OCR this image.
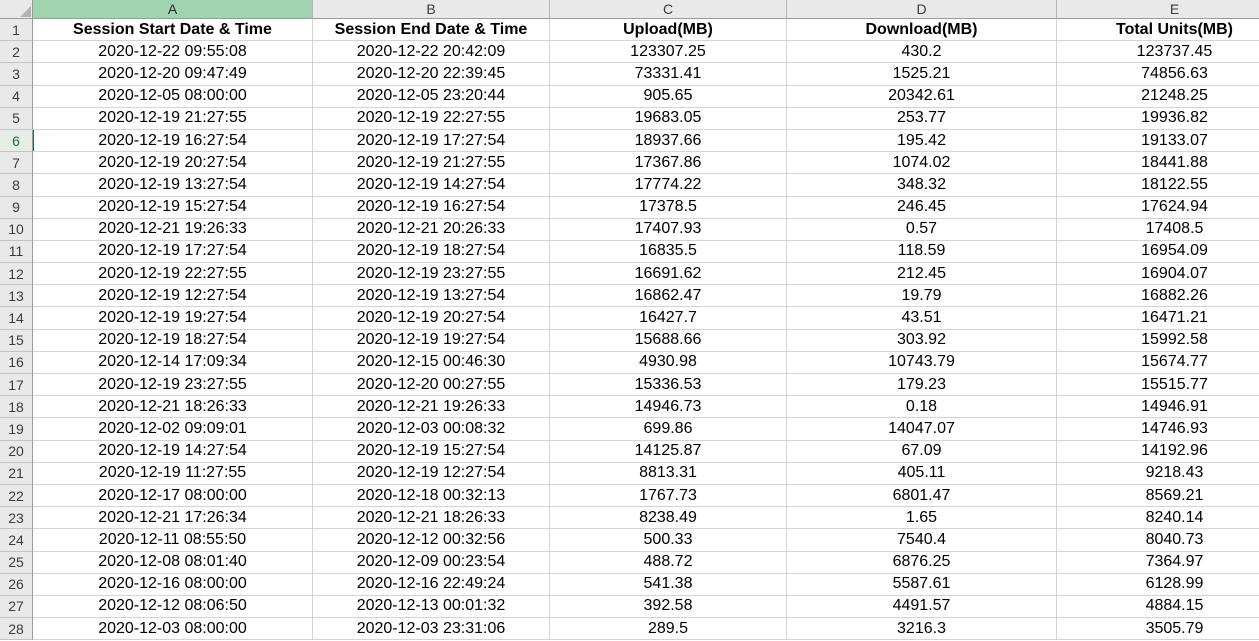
A	B	C	D	E
1	Session Start Date & Time	Session End Date & Time	Upload(MB)	Download(MB)	Total Units(MB)
2	2020-12-22 09:55:08	2020-12-22 20:42:09	123307.25	430.2	123737.45
3	2020-12-20 09:47:49	2020-12-20 22:39:45	73331.41	1525.21	74856.63
4	2020-12-05 08:00:00	2020-12-05 23:20:44	905.65	20342.61	21248.25
5	2020-12-19 21:27:55	2020-12-19 22:27:55	19683.05	253.77	19936.82
6	2020-12-19 16:27:54	2020-12-19 17:27:54	18937.66	195.42	19133.07
7	2020-12-19 20:27:54	2020-12-19 21:27:55	17367.86	1074.02	18441.88
8	2020-12-19 13:27:54	2020-12-19 14:27:54	17774.22	348.32	18122.55
9	2020-12-19 15:27:54	2020-12-19 16:27:54	17378.5	246.45	17624.94
10	2020-12-21 19:26:33	2020-12-21 20:26:33	17407.93	0.57	17408.5
11	2020-12-19 17:27:54	2020-12-19 18:27:54	16835.5	118.59	16954.09
12	2020-12-19 22:27:55	2020-12-19 23:27:55	16691.62	212.45	16904.07
13	2020-12-19 12:27:54	2020-12-19 13:27:54	16862.47	19.79	16882.26
14	2020-12-19 19:27:54	2020-12-19 20:27:54	16427.7	43.51	16471.21
15	2020-12-19 18:27:54	2020-12-19 19:27:54	15688.66	303.92	15992.58
16	2020-12-14 17:09:34	2020-12-15 00:46:30	4930.98	10743.79	15674.77
17	2020-12-19 23:27:55	2020-12-20 00:27:55	15336.53	179.23	15515.77
18	2020-12-21 18:26:33	2020-12-21 19:26:33	14946.73	0.18	14946.91
19	2020-12-02 09:09:01	2020-12-03 00:08:32	699.86	14047.07	14746.93
20	2020-12-19 14:27:54	2020-12-19 15:27:54	14125.87	67.09	14192.96
21	2020-12-19 11:27:55	2020-12-19 12:27:54	8813.31	405.11	9218.43
22	2020-12-17 08:00:00	2020-12-18 00:32:13	1767.73	6801.47	8569.21
23	2020-12-21 17:26:34	2020-12-21 18:26:33	8238.49	1.65	8240.14
24	2020-12-11 08:55:50	2020-12-12 00:32:56	500.33	7540.4	8040.73
25	2020-12-08 08:01:40	2020-12-09 00:23:54	488.72	6876.25	7364.97
26	2020-12-16 08:00:00	2020-12-16 22:49:24	541.38	5587.61	6128.99
27	2020-12-12 08:06:50	2020-12-13 00:01:32	392.58	4491.57	4884.15
28	2020-12-03 08:00:00	2020-12-03 23:31:06	289.5	3216.3	3505.79
